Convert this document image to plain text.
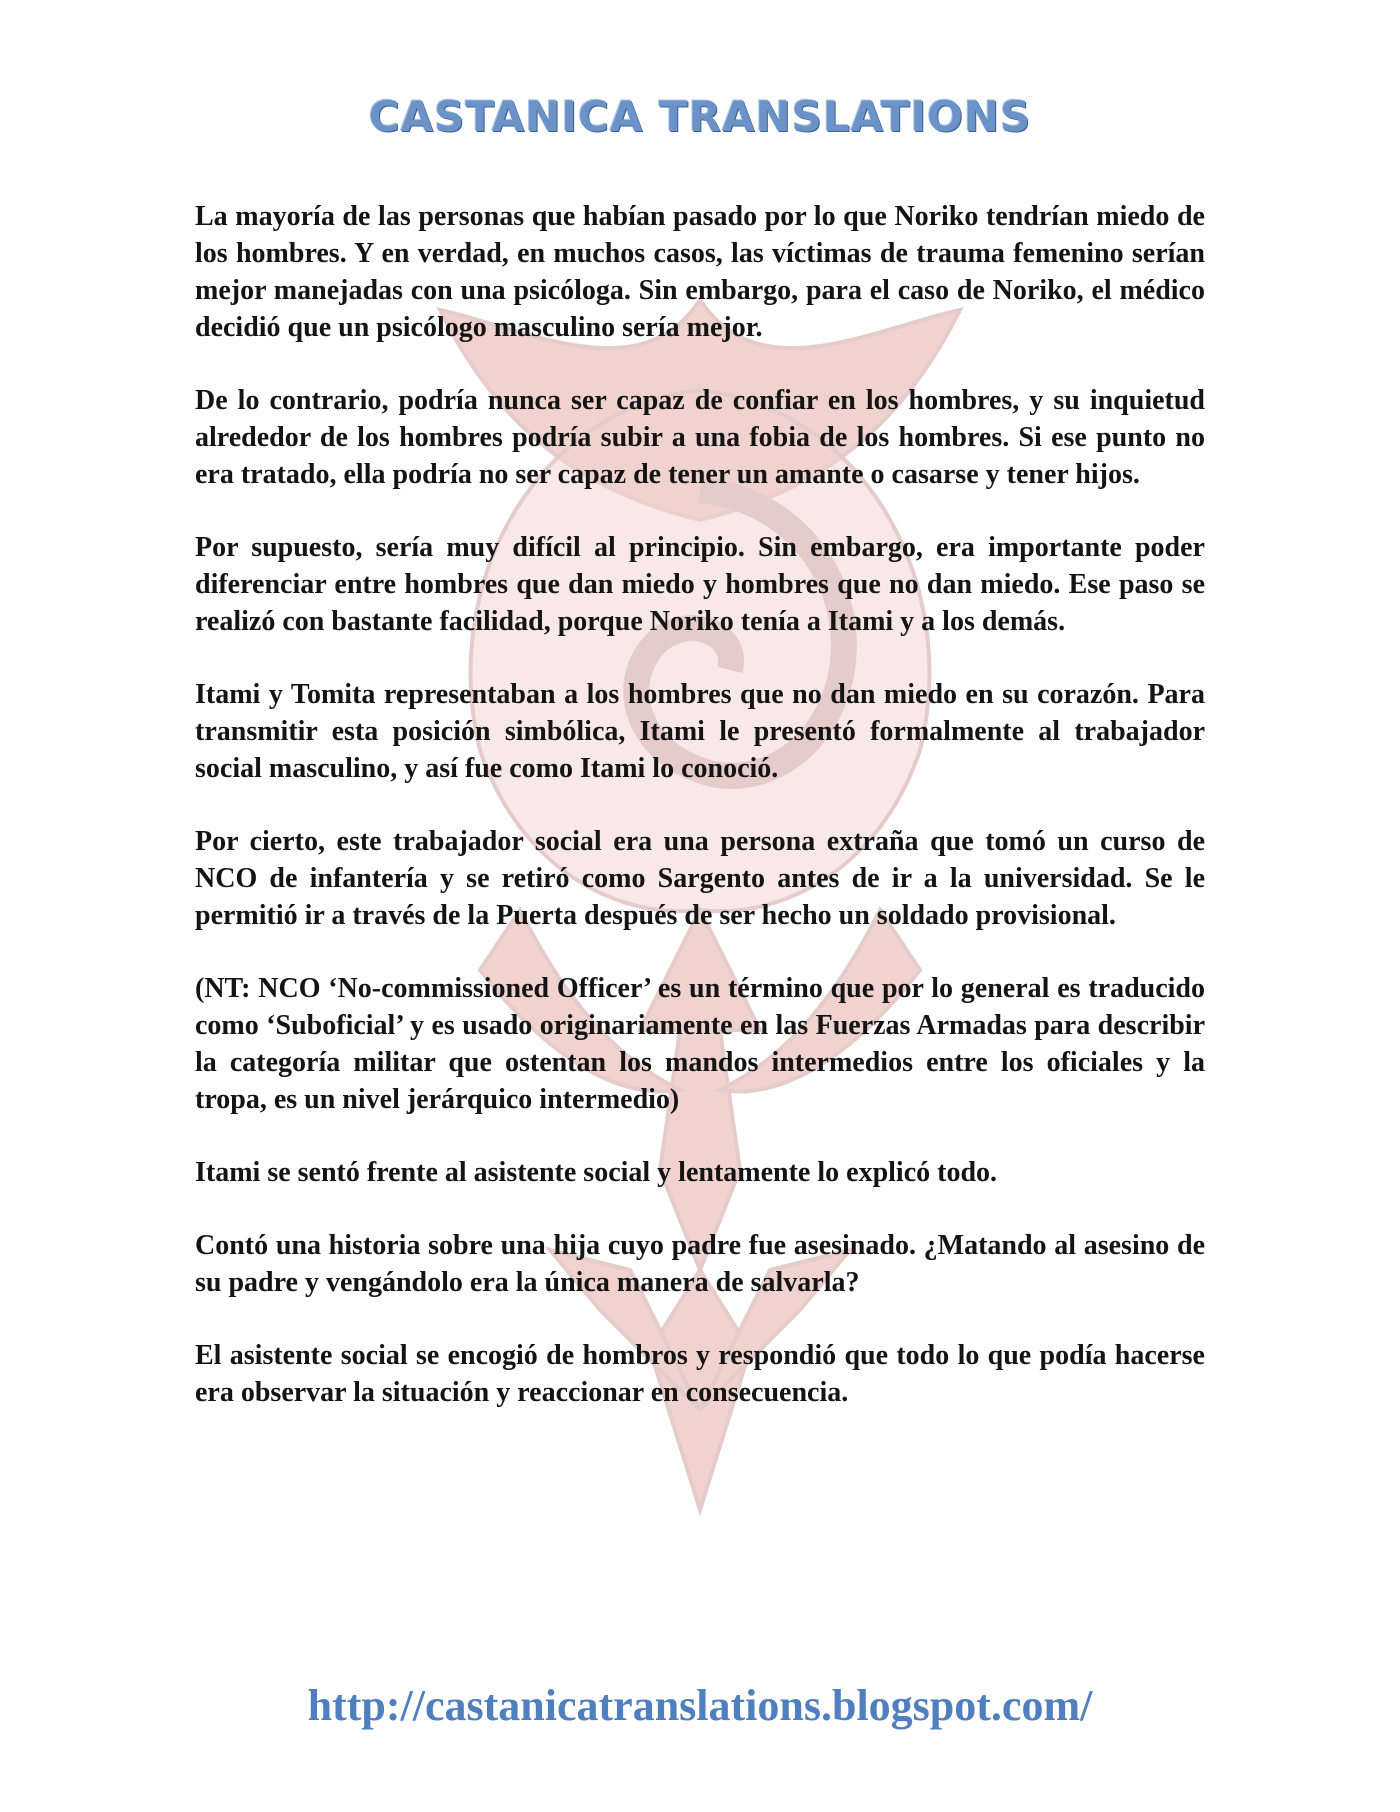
CASTANICA TRANSLATIONS

La mayoría de las personas que habían pasado por lo que Noriko tendrían miedo de los hombres. Y en verdad, en muchos casos, las víctimas de trauma femenino serían mejor manejadas con una psicóloga. Sin embargo, para el caso de Noriko, el médico decidió que un psicólogo masculino sería mejor.

De lo contrario, podría nunca ser capaz de confiar en los hombres, y su inquietud alrededor de los hombres podría subir a una fobia de los hombres. Si ese punto no era tratado, ella podría no ser capaz de tener un amante o casarse y tener hijos.

Por supuesto, sería muy difícil al principio. Sin embargo, era importante poder diferenciar entre hombres que dan miedo y hombres que no dan miedo. Ese paso se realizó con bastante facilidad, porque Noriko tenía a Itami y a los demás.

Itami y Tomita representaban a los hombres que no dan miedo en su corazón. Para transmitir esta posición simbólica, Itami le presentó formalmente al trabajador social masculino, y así fue como Itami lo conoció.

Por cierto, este trabajador social era una persona extraña que tomó un curso de NCO de infantería y se retiró como Sargento antes de ir a la universidad. Se le permitió ir a través de la Puerta después de ser hecho un soldado provisional.

(NT: NCO ‘No-commissioned Officer’ es un término que por lo general es traducido como ‘Suboficial’ y es usado originariamente en las Fuerzas Armadas para describir la categoría militar que ostentan los mandos intermedios entre los oficiales y la tropa, es un nivel jerárquico intermedio)

Itami se sentó frente al asistente social y lentamente lo explicó todo.

Contó una historia sobre una hija cuyo padre fue asesinado. ¿Matando al asesino de su padre y vengándolo era la única manera de salvarla?

El asistente social se encogió de hombros y respondió que todo lo que podía hacerse era observar la situación y reaccionar en consecuencia.

http://castanicatranslations.blogspot.com/
